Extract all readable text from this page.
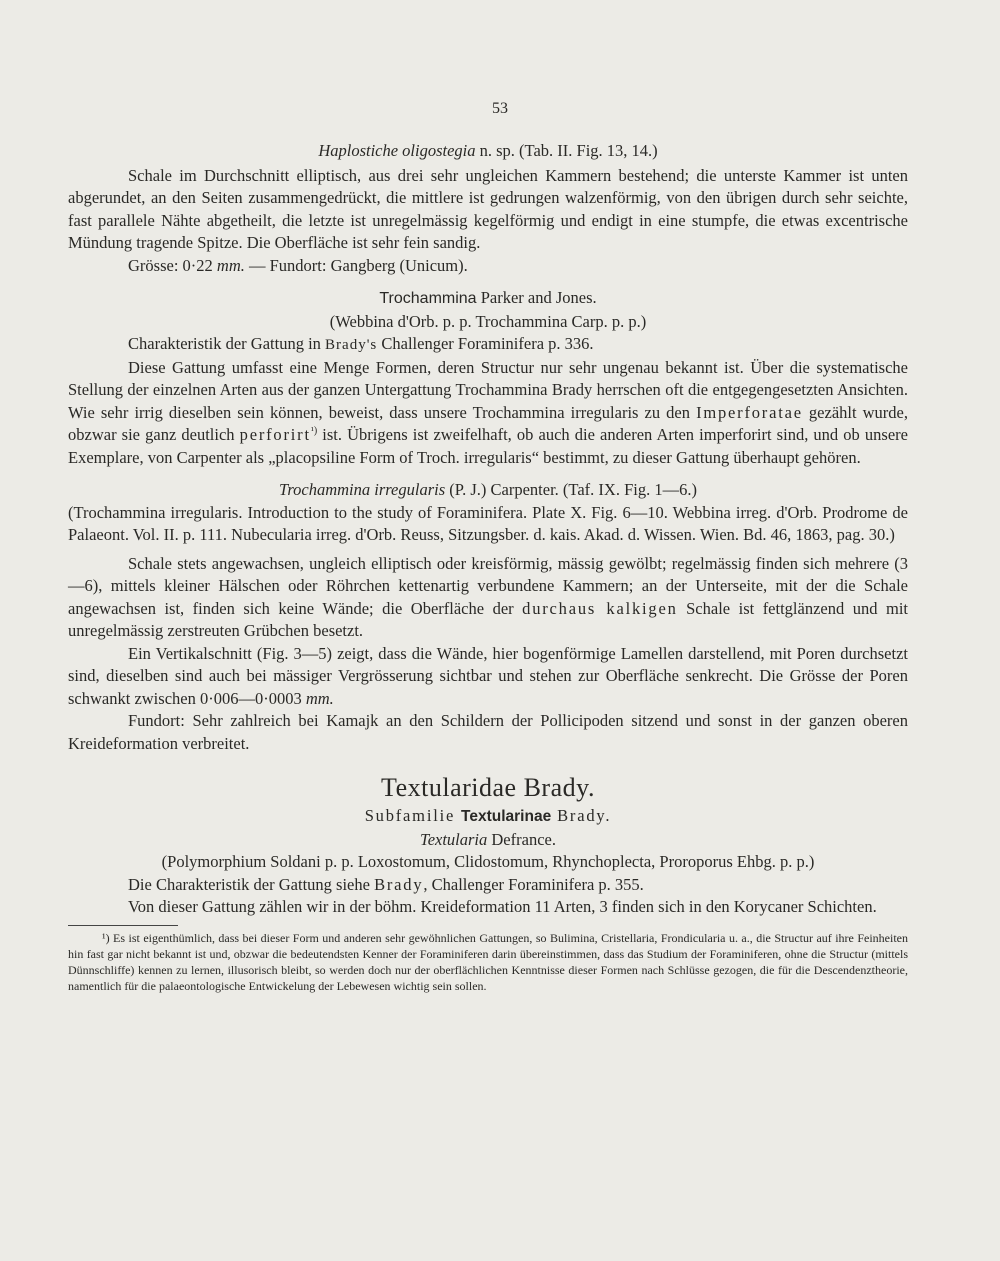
53

Haplostiche oligostegia n. sp. (Tab. II. Fig. 13, 14.)

Schale im Durchschnitt elliptisch, aus drei sehr ungleichen Kammern bestehend; die unterste Kammer ist unten abgerundet, an den Seiten zusammengedrückt, die mittlere ist gedrungen walzenförmig, von den übrigen durch sehr seichte, fast parallele Nähte abgetheilt, die letzte ist unregelmässig kegelförmig und endigt in eine stumpfe, die etwas excentrische Mündung tragende Spitze. Die Oberfläche ist sehr fein sandig.

Grösse: 0·22 mm. — Fundort: Gangberg (Unicum).

Trochammina Parker and Jones.

(Webbina d'Orb. p. p. Trochammina Carp. p. p.)

Charakteristik der Gattung in Brady's Challenger Foraminifera p. 336.

Diese Gattung umfasst eine Menge Formen, deren Structur nur sehr ungenau bekannt ist. Über die systematische Stellung der einzelnen Arten aus der ganzen Untergattung Trochammina Brady herrschen oft die entgegengesetzten Ansichten. Wie sehr irrig dieselben sein können, beweist, dass unsere Trochammina irregularis zu den Imperforatae gezählt wurde, obzwar sie ganz deutlich perforirt$^{^1)}$ ist. Übrigens ist zweifelhaft, ob auch die anderen Arten imperforirt sind, und ob unsere Exemplare, von Carpenter als „placopsiline Form of Troch. irregularis“ bestimmt, zu dieser Gattung überhaupt gehören.

Trochammina irregularis (P. J.) Carpenter. (Taf. IX. Fig. 1—6.)

(Trochammina irregularis. Introduction to the study of Foraminifera. Plate X. Fig. 6—10. Webbina irreg. d'Orb. Prodrome de Palaeont. Vol. II. p. 111. Nubecularia irreg. d'Orb. Reuss, Sitzungsber. d. kais. Akad. d. Wissen. Wien. Bd. 46, 1863, pag. 30.)

Schale stets angewachsen, ungleich elliptisch oder kreisförmig, mässig gewölbt; regelmässig finden sich mehrere (3—6), mittels kleiner Hälschen oder Röhrchen kettenartig verbundene Kammern; an der Unterseite, mit der die Schale angewachsen ist, finden sich keine Wände; die Oberfläche der durchaus kalkigen Schale ist fettglänzend und mit unregelmässig zerstreuten Grübchen besetzt.

Ein Vertikalschnitt (Fig. 3—5) zeigt, dass die Wände, hier bogenförmige Lamellen darstellend, mit Poren durchsetzt sind, dieselben sind auch bei mässiger Vergrösserung sichtbar und stehen zur Oberfläche senkrecht. Die Grösse der Poren schwankt zwischen 0·006—0·0003 mm.

Fundort: Sehr zahlreich bei Kamajk an den Schildern der Pollicipoden sitzend und sonst in der ganzen oberen Kreideformation verbreitet.

Textularidae Brady.

Subfamilie Textularinae Brady.

Textularia Defrance.

(Polymorphium Soldani p. p. Loxostomum, Clidostomum, Rhynchoplecta, Proroporus Ehbg. p. p.)

Die Charakteristik der Gattung siehe Brady, Challenger Foraminifera p. 355.

Von dieser Gattung zählen wir in der böhm. Kreideformation 11 Arten, 3 finden sich in den Korycaner Schichten.

¹) Es ist eigenthümlich, dass bei dieser Form und anderen sehr gewöhnlichen Gattungen, so Bulimina, Cristellaria, Frondicularia u. a., die Structur auf ihre Feinheiten hin fast gar nicht bekannt ist und, obzwar die bedeutendsten Kenner der Foraminiferen darin übereinstimmen, dass das Studium der Foraminiferen, ohne die Structur (mittels Dünnschliffe) kennen zu lernen, illusorisch bleibt, so werden doch nur der oberflächlichen Kenntnisse dieser Formen nach Schlüsse gezogen, die für die Descendenztheorie, namentlich für die palaeontologische Entwickelung der Lebewesen wichtig sein sollen.
